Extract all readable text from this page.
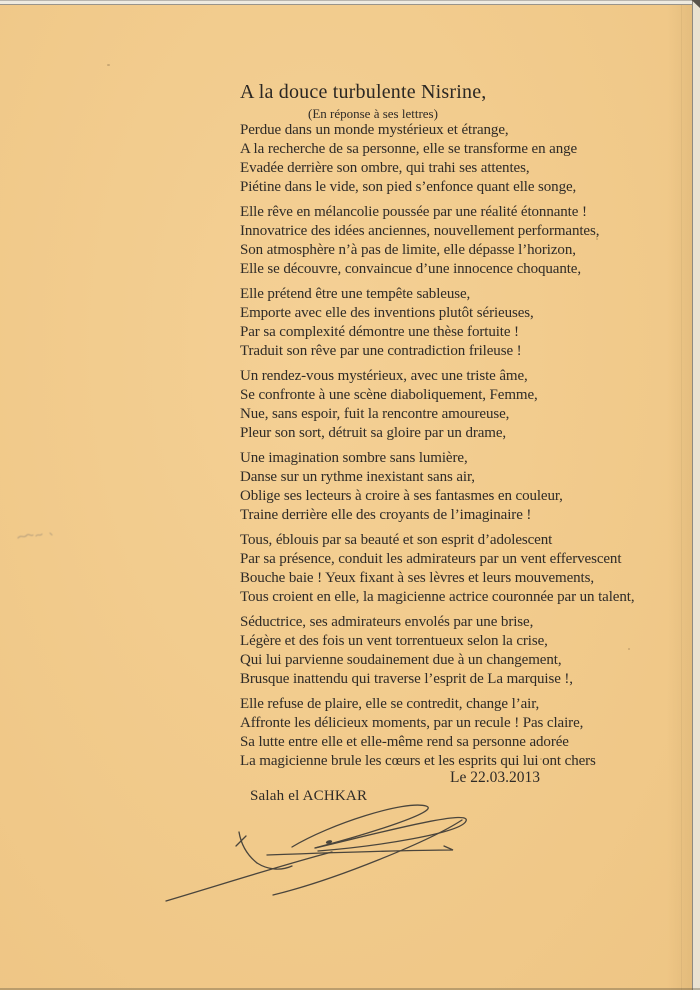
A la douce turbulente Nisrine,
(En réponse à ses lettres)
Perdue dans un monde mystérieux et étrange,
A la recherche de sa personne, elle se transforme en ange
Evadée derrière son ombre, qui trahi ses attentes,
Piétine dans le vide, son pied s’enfonce quant elle songe,
Elle rêve en mélancolie poussée par une réalité étonnante !
Innovatrice des idées anciennes, nouvellement performantes,
Son atmosphère n’à pas de limite, elle dépasse l’horizon,
Elle se découvre, convaincue d’une innocence choquante,
Elle prétend être une tempête sableuse,
Emporte avec elle des inventions plutôt sérieuses,
Par sa complexité démontre une thèse fortuite !
Traduit son rêve par une contradiction frileuse !
Un rendez-vous mystérieux, avec une triste âme,
Se confronte à une scène diaboliquement, Femme,
Nue, sans espoir, fuit la rencontre amoureuse,
Pleur son sort, détruit sa gloire par un drame,
Une imagination sombre sans lumière,
Danse sur un rythme inexistant sans air,
Oblige ses lecteurs à croire à ses fantasmes en couleur,
Traine derrière elle des croyants de l’imaginaire !
Tous, éblouis par sa beauté et son esprit d’adolescent
Par sa présence, conduit les admirateurs par un vent effervescent
Bouche baie ! Yeux fixant à ses lèvres et leurs mouvements,
Tous croient en elle, la magicienne actrice couronnée par un talent,
Séductrice, ses admirateurs envolés par une brise,
Légère et des fois un vent torrentueux selon la crise,
Qui lui parvienne soudainement due à un changement,
Brusque inattendu qui traverse l’esprit de La marquise !,
Elle refuse de plaire, elle se contredit, change l’air,
Affronte les délicieux moments, par un recule ! Pas claire,
Sa lutte entre elle et elle-même rend sa personne adorée
La magicienne brule les cœurs et les esprits qui lui ont chers
Le 22.03.2013
Salah el ACHKAR
